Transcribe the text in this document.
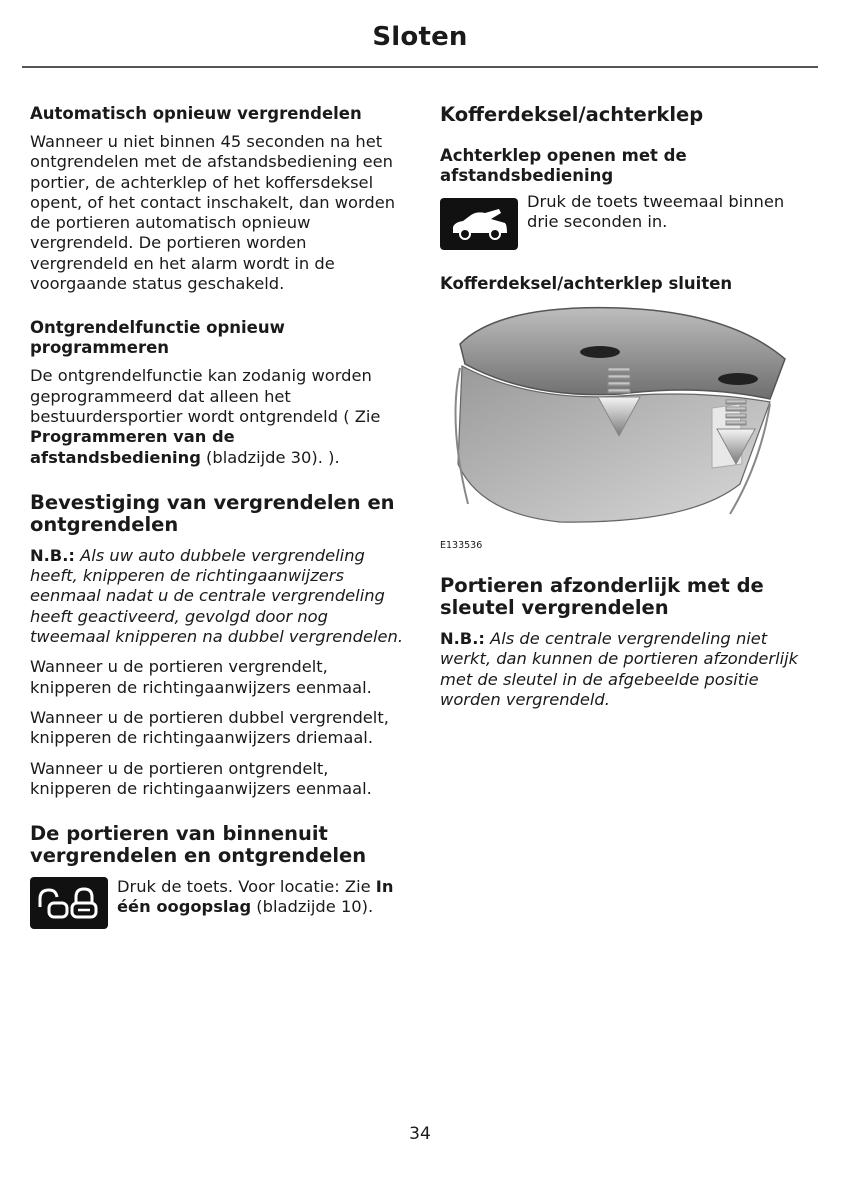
Sloten
Automatisch opnieuw vergrendelen

Wanneer u niet binnen 45 seconden na het ontgrendelen met de afstandsbediening een portier, de achterklep of het koffersdeksel opent, of het contact inschakelt, dan worden de portieren automatisch opnieuw vergrendeld. De portieren worden vergrendeld en het alarm wordt in de voorgaande status geschakeld.

Ontgrendelfunctie opnieuw programmeren

De ontgrendelfunctie kan zodanig worden geprogrammeerd dat alleen het bestuurdersportier wordt ontgrendeld ( Zie Programmeren van de afstandsbediening (bladzijde 30). ).

Bevestiging van vergrendelen en ontgrendelen

N.B.: Als uw auto dubbele vergrendeling heeft, knipperen de richtingaanwijzers eenmaal nadat u de centrale vergrendeling heeft geactiveerd, gevolgd door nog tweemaal knipperen na dubbel vergrendelen.

Wanneer u de portieren vergrendelt, knipperen de richtingaanwijzers eenmaal.

Wanneer u de portieren dubbel vergrendelt, knipperen de richtingaanwijzers driemaal.

Wanneer u de portieren ontgrendelt, knipperen de richtingaanwijzers eenmaal.

De portieren van binnenuit vergrendelen en ontgrendelen
Druk de toets. Voor locatie: Zie In één oogopslag (bladzijde 10).
Kofferdeksel/achterklep
Achterklep openen met de afstandsbediening
Druk de toets tweemaal binnen drie seconden in.
Kofferdeksel/achterklep sluiten
E133536
Portieren afzonderlijk met de sleutel vergrendelen

N.B.: Als de centrale vergrendeling niet werkt, dan kunnen de portieren afzonderlijk met de sleutel in de afgebeelde positie worden vergrendeld.

34
